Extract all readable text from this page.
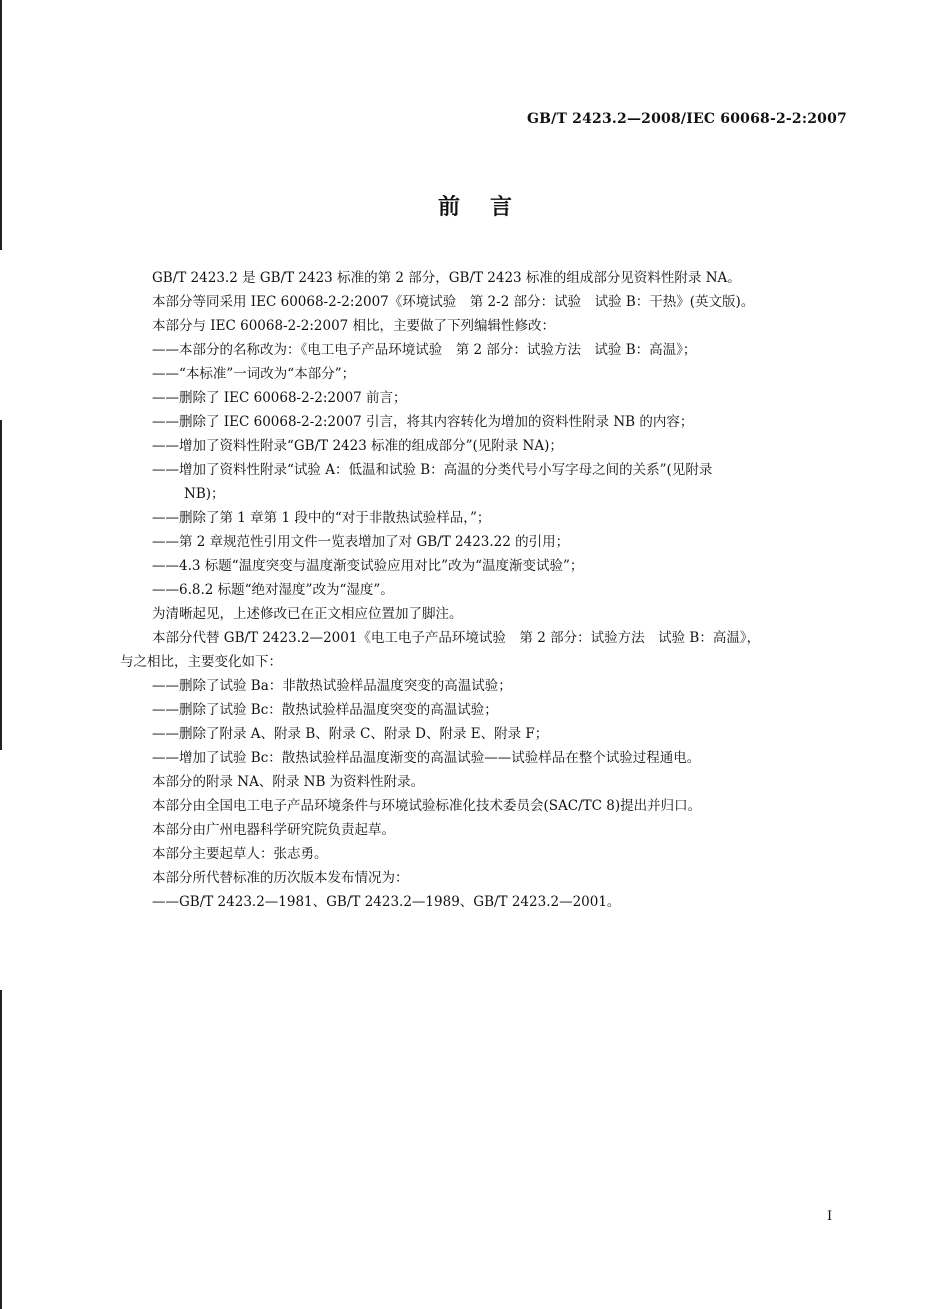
GB/T 2423.2—2008/IEC 60068-2-2:2007
前言
GB/T 2423.2 是 GB/T 2423 标准的第 2 部分，GB/T 2423 标准的组成部分见资料性附录 NA。
本部分等同采用 IEC 60068-2-2:2007《环境试验　第 2-2 部分：试验　试验 B：干热》(英文版)。
本部分与 IEC 60068-2-2:2007 相比，主要做了下列编辑性修改：
——本部分的名称改为：《电工电子产品环境试验　第 2 部分：试验方法　试验 B：高温》；
——“本标准”一词改为“本部分”；
——删除了 IEC 60068-2-2:2007 前言；
——删除了 IEC 60068-2-2:2007 引言，将其内容转化为增加的资料性附录 NB 的内容；
——增加了资料性附录“GB/T 2423 标准的组成部分”(见附录 NA)；
——增加了资料性附录“试验 A：低温和试验 B：高温的分类代号小写字母之间的关系”(见附录
NB)；
——删除了第 1 章第 1 段中的“对于非散热试验样品，”；
——第 2 章规范性引用文件一览表增加了对 GB/T 2423.22 的引用；
——4.3 标题“温度突变与温度渐变试验应用对比”改为“温度渐变试验”；
——6.8.2 标题“绝对湿度”改为“湿度”。
为清晰起见，上述修改已在正文相应位置加了脚注。
本部分代替 GB/T 2423.2—2001《电工电子产品环境试验　第 2 部分：试验方法　试验 B：高温》，
与之相比，主要变化如下：
——删除了试验 Ba：非散热试验样品温度突变的高温试验；
——删除了试验 Bc：散热试验样品温度突变的高温试验；
——删除了附录 A、附录 B、附录 C、附录 D、附录 E、附录 F；
——增加了试验 Bc：散热试验样品温度渐变的高温试验——试验样品在整个试验过程通电。
本部分的附录 NA、附录 NB 为资料性附录。
本部分由全国电工电子产品环境条件与环境试验标准化技术委员会(SAC/TC 8)提出并归口。
本部分由广州电器科学研究院负责起草。
本部分主要起草人：张志勇。
本部分所代替标准的历次版本发布情况为：
——GB/T 2423.2—1981、GB/T 2423.2—1989、GB/T 2423.2—2001。
I
